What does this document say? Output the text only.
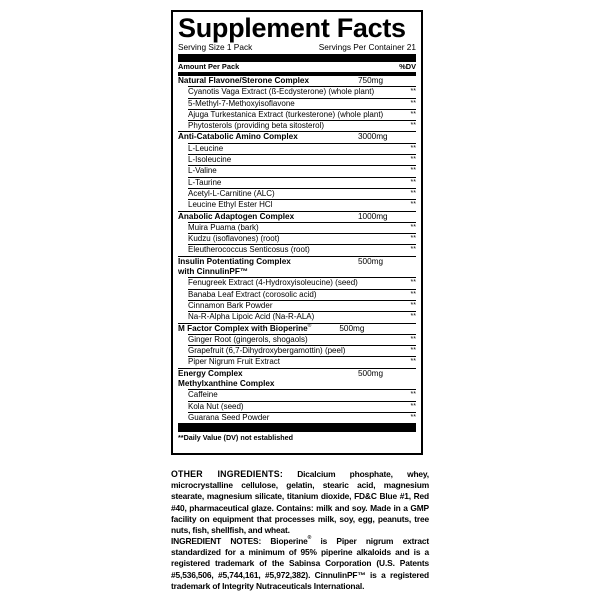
Supplement Facts
Serving Size 1 Pack	Servings Per Container 21
Amount Per Pack	%DV
Natural Flavone/Sterone Complex	750mg
Cyanotis Vaga Extract (ß-Ecdysterone) (whole plant)	**
5-Methyl-7-Methoxyisoflavone	**
Ajuga Turkestanica Extract (turkesterone) (whole plant)	**
Phytosterols (providing beta sitosterol)	**
Anti-Catabolic Amino Complex	3000mg
L-Leucine	**
L-Isoleucine	**
L-Valine	**
L-Taurine	**
Acetyl-L-Carnitine (ALC)	**
Leucine Ethyl Ester HCl	**
Anabolic Adaptogen Complex	1000mg
Muira Puama (bark)	**
Kudzu (isoflavones) (root)	**
Eleutherococcus Senticosus (root)	**
Insulin Potentiating Complex	500mg
with CinnulinPF™
Fenugreek Extract (4-Hydroxyisoleucine) (seed)	**
Banaba Leaf Extract (corosolic acid)	**
Cinnamon Bark Powder	**
Na-R-Alpha Lipoic Acid (Na-R-ALA)	**
M Factor Complex with Bioperine ®	500mg
Ginger Root (gingerols, shogaols)	**
Grapefruit (6,7-Dihydroxybergamottin) (peel)	**
Piper Nigrum Fruit Extract	**
Energy Complex	500mg
Methylxanthine Complex
Caffeine	**
Kola Nut (seed)	**
Guarana Seed Powder	**
**Daily Value (DV) not established
OTHER INGREDIENTS: Dicalcium phosphate, whey, microcrystalline cellulose, gelatin, stearic acid, magnesium stearate, magnesium silicate, titanium dioxide, FD&C Blue #1, Red #40, pharmaceutical glaze. Contains: milk and soy. Made in a GMP facility on equipment that processes milk, soy, egg, peanuts, tree nuts, fish, shellfish, and wheat.
INGREDIENT NOTES: Bioperine® is Piper nigrum extract standardized for a minimum of 95% piperine alkaloids and is a registered trademark of the Sabinsa Corporation (U.S. Patents #5,536,506, #5,744,161, #5,972,382). CinnulinPF™ is a registered trademark of Integrity Nutraceuticals International.
